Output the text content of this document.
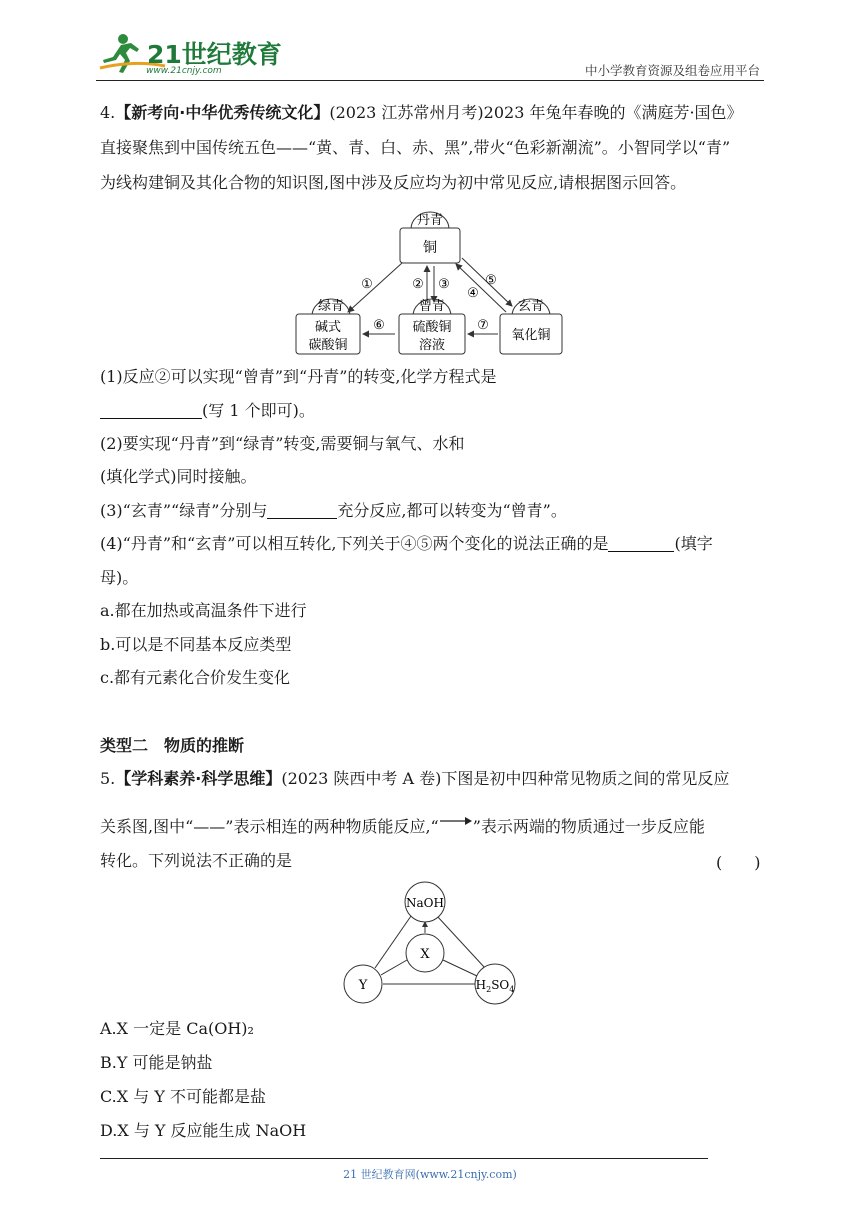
21世纪教育
www.21cnjy.com	中小学教育资源及组卷应用平台
4.【新考向·中华优秀传统文化】(2023 江苏常州月考)2023 年兔年春晚的《满庭芳·国色》
直接聚焦到中国传统五色——“黄、青、白、赤、黑”,带火“色彩新潮流”。小智同学以“青”
为线构建铜及其化合物的知识图,图中涉及反应均为初中常见反应,请根据图示回答。
丹青
铜
绿青
碱式
碳酸铜
曾青
硫酸铜
溶液
玄青
氧化铜
①	② ③
④
⑤
⑥	⑦
(1)反应②可以实现“曾青”到“丹青”的转变,化学方程式是
(写 1 个即可)。
(2)要实现“丹青”到“绿青”转变,需要铜与氧气、水和
(填化学式)同时接触。
(3)“玄青”“绿青”分别与	充分反应,都可以转变为“曾青”。
(4)“丹青”和“玄青”可以相互转化,下列关于④⑤两个变化的说法正确的是	(填字
母)。
a.都在加热或高温条件下进行
b.可以是不同基本反应类型
c.都有元素化合价发生变化
类型二　物质的推断
5.【学科素养·科学思维】(2023 陕西中考 A 卷)下图是初中四种常见物质之间的常见反应
关系图,图中“——”表示相连的两种物质能反应,“ ”表示两端的物质通过一步反应能
转化。下列说法不正确的是	(　　)
NaOH
X
Y	$H_2SO_4$
A.X 一定是 Ca(OH)₂
B.Y 可能是钠盐
C.X 与 Y 不可能都是盐
D.X 与 Y 反应能生成 NaOH
21 世纪教育网(www.21cnjy.com)
